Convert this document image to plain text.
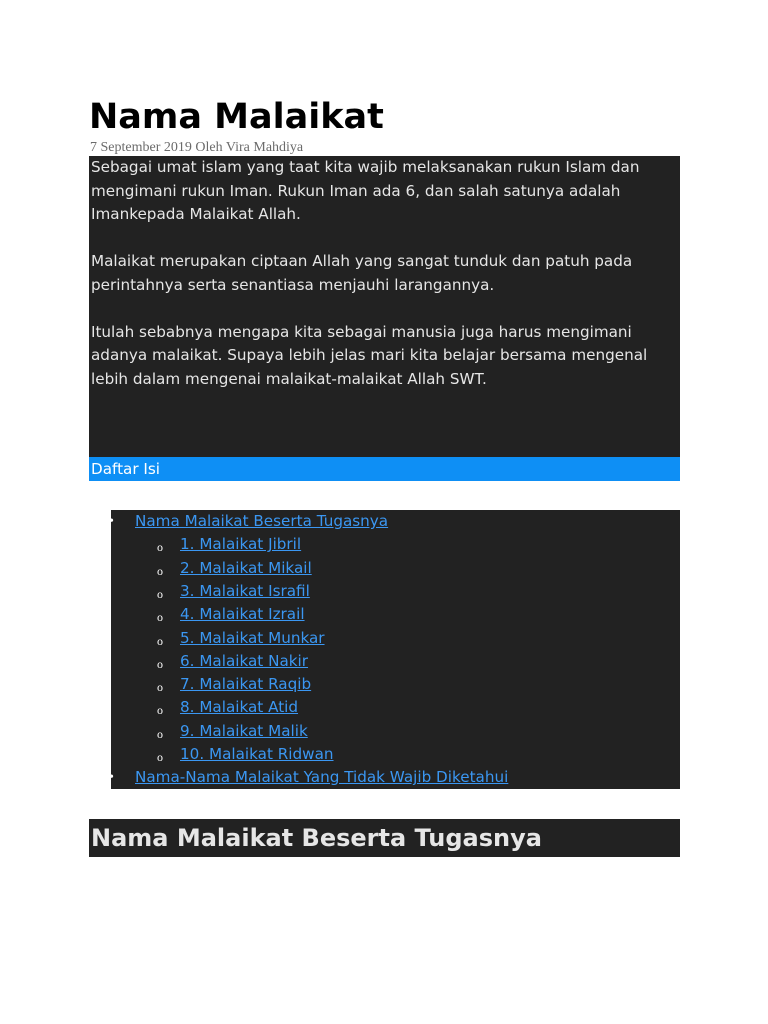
Nama Malaikat
7 September 2019 Oleh Vira Mahdiya

Sebagai umat islam yang taat kita wajib melaksanakan rukun Islam dan mengimani rukun Iman. Rukun Iman ada 6, dan salah satunya adalah Imankepada Malaikat Allah.

Malaikat merupakan ciptaan Allah yang sangat tunduk dan patuh pada perintahnya serta senantiasa menjauhi larangannya.

Itulah sebabnya mengapa kita sebagai manusia juga harus mengimani adanya malaikat. Supaya lebih jelas mari kita belajar bersama mengenal lebih dalam mengenai malaikat-malaikat Allah SWT.

Daftar Isi
• Nama Malaikat Beserta Tugasnya
o 1. Malaikat Jibril
o 2. Malaikat Mikail
o 3. Malaikat Israfil
o 4. Malaikat Izrail
o 5. Malaikat Munkar
o 6. Malaikat Nakir
o 7. Malaikat Raqib
o 8. Malaikat Atid
o 9. Malaikat Malik
o 10. Malaikat Ridwan
• Nama-Nama Malaikat Yang Tidak Wajib Diketahui
Nama Malaikat Beserta Tugasnya
